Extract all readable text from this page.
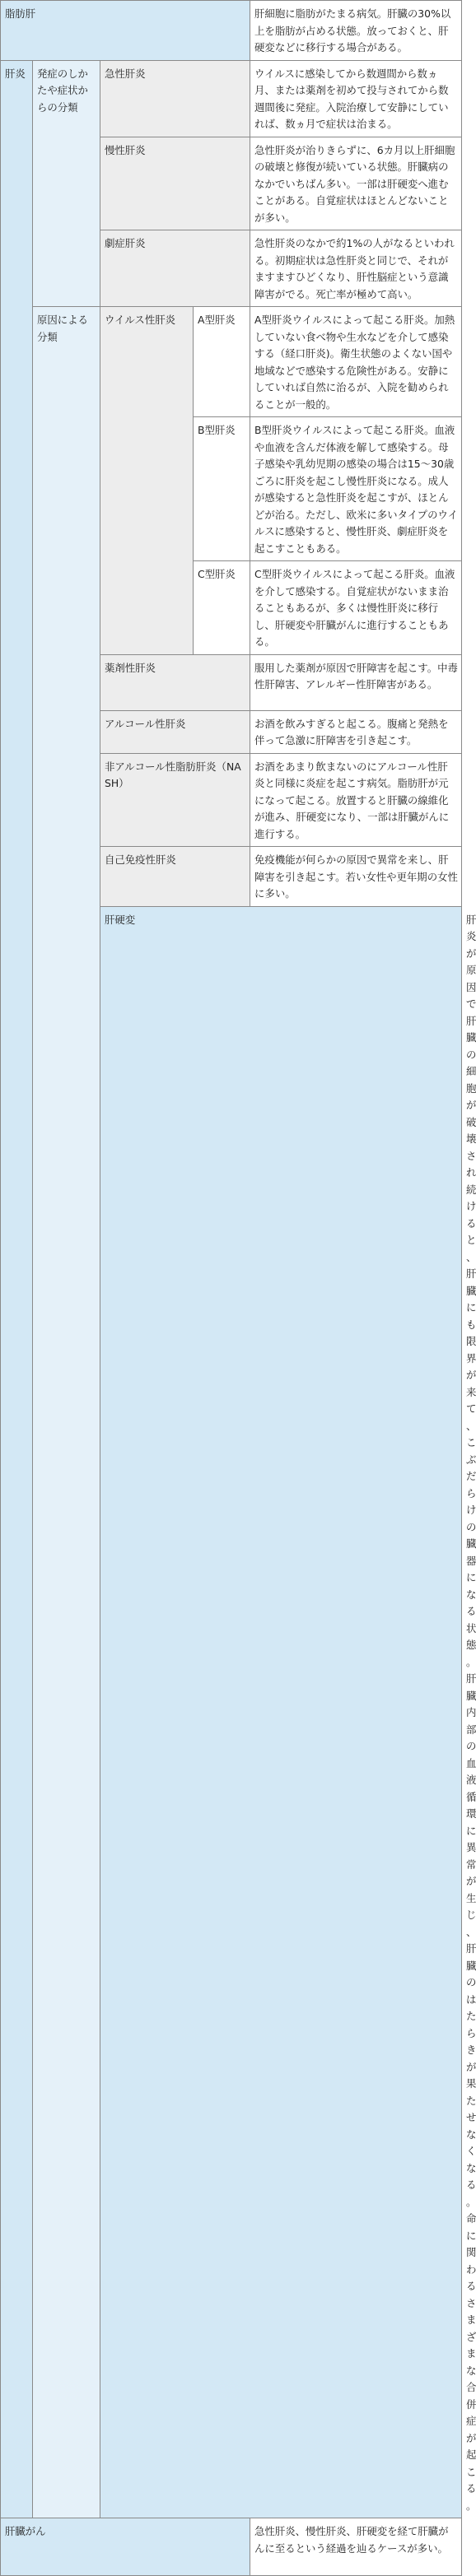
脂肪肝				肝細胞に脂肪がたまる病気。肝臓の30%以上を脂肪が占める状態。放っておくと、肝硬変などに移行する場合がある。	
肝炎	発症のしかたや症状からの分類	急性肝炎		ウイルスに感染してから数週間から数ヵ月、または薬剤を初めて投与されてから数週間後に発症。入院治療して安静にしていれば、数ヵ月で症状は治まる。	
		慢性肝炎		急性肝炎が治りきらずに、6カ月以上肝細胞の破壊と修復が続いている状態。肝臓病のなかでいちばん多い。一部は肝硬変へ進むことがある。自覚症状はほとんどないことが多い。	
		劇症肝炎		急性肝炎のなかで約1%の人がなるといわれる。初期症状は急性肝炎と同じで、それがますますひどくなり、肝性脳症という意識障害がでる。死亡率が極めて高い。	
	原因による分類	ウイルス性肝炎	A型肝炎	A型肝炎ウイルスによって起こる肝炎。加熱していない食べ物や生水などを介して感染する（経口肝炎)。衛生状態のよくない国や地域などで感染する危険性がある。安静にしていれば自然に治るが、入院を勧められることが一般的。	
			B型肝炎	B型肝炎ウイルスによって起こる肝炎。血液や血液を含んだ体液を解して感染する。母子感染や乳幼児期の感染の場合は15～30歳ごろに肝炎を起こし慢性肝炎になる。成人が感染すると急性肝炎を起こすが、ほとんどが治る。ただし、欧米に多いタイプのウイルスに感染すると、慢性肝炎、劇症肝炎を起こすこともある。	
			C型肝炎	C型肝炎ウイルスによって起こる肝炎。血液を介して感染する。自覚症状がないまま治ることもあるが、多くは慢性肝炎に移行し、肝硬変や肝臓がんに進行することもある。	
		薬剤性肝炎		服用した薬剤が原因で肝障害を起こす。中毒性肝障害、アレルギー性肝障害がある。	
		アルコール性肝炎		お酒を飲みすぎると起こる。腹痛と発熱を伴って急激に肝障害を引き起こす。	
		非アルコール性脂肪肝炎（NASH）		お酒をあまり飲まないのにアルコール性肝炎と同様に炎症を起こす病気。脂肪肝が元になって起こる。放置すると肝臓の線維化が進み、肝硬変になり、一部は肝臓がんに進行する。	
		自己免疫性肝炎		免疫機能が何らかの原因で異常を来し、肝障害を引き起こす。若い女性や更年期の女性に多い。	
		肝硬変			肝炎が原因で肝臓の細胞が破壊され続けると、肝臓にも限界が来て、こぶだらけの臓器になる状態。肝臓内部の血液循環に異常が生じ、肝臓のはたらきが果たせなくなる。命に関わるさまざまな合併症が起こる。
肝臓がん				急性肝炎、慢性肝炎、肝硬変を経て肝臓がんに至るという経過を辿るケースが多い。	
